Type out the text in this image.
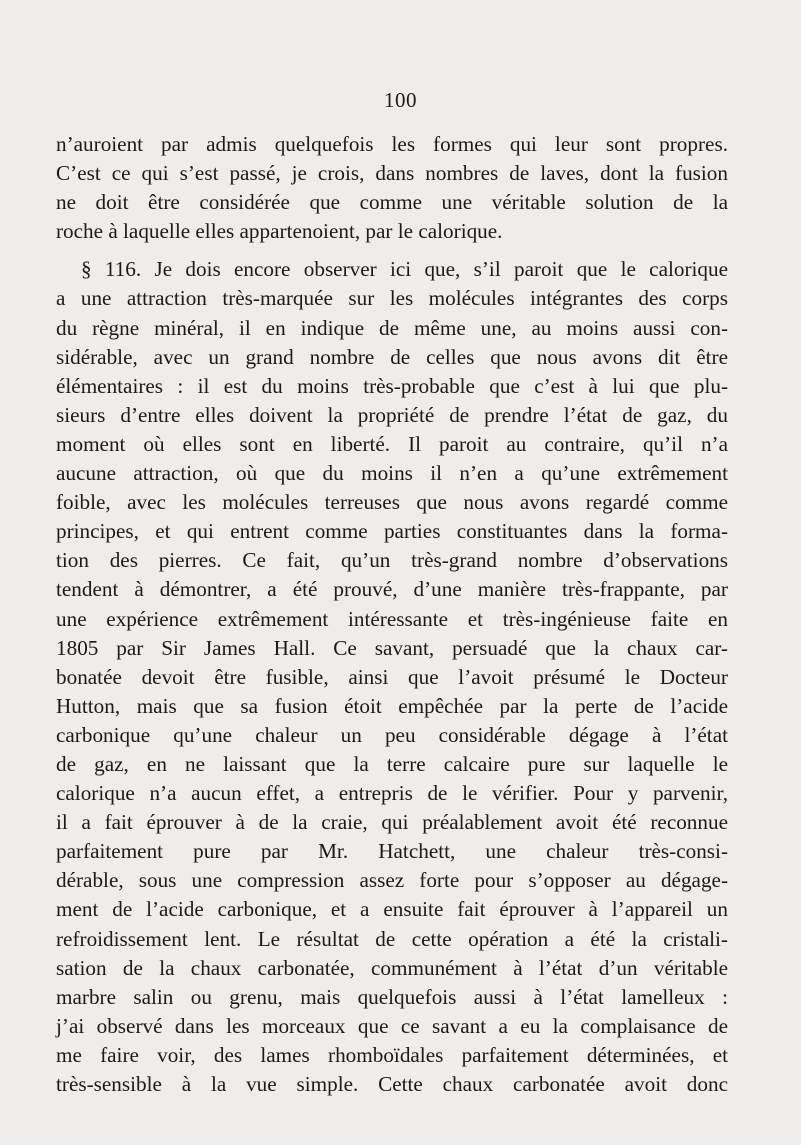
100
n’auroient par admis quelquefois les formes qui leur sont propres.
C’est ce qui s’est passé, je crois, dans nombres de laves, dont la fusion
ne doit être considérée que comme une véritable solution de la
roche à laquelle elles appartenoient, par le calorique.
§ 116. Je dois encore observer ici que, s’il paroit que le calorique
a une attraction très-marquée sur les molécules intégrantes des corps
du règne minéral, il en indique de même une, au moins aussi con-
sidérable, avec un grand nombre de celles que nous avons dit être
élémentaires : il est du moins très-probable que c’est à lui que plu-
sieurs d’entre elles doivent la propriété de prendre l’état de gaz, du
moment où elles sont en liberté. Il paroit au contraire, qu’il n’a
aucune attraction, où que du moins il n’en a qu’une extrêmement
foible, avec les molécules terreuses que nous avons regardé comme
principes, et qui entrent comme parties constituantes dans la forma-
tion des pierres. Ce fait, qu’un très-grand nombre d’observations
tendent à démontrer, a été prouvé, d’une manière très-frappante, par
une expérience extrêmement intéressante et très-ingénieuse faite en
1805 par Sir James Hall. Ce savant, persuadé que la chaux car-
bonatée devoit être fusible, ainsi que l’avoit présumé le Docteur
Hutton, mais que sa fusion étoit empêchée par la perte de l’acide
carbonique qu’une chaleur un peu considérable dégage à l’état
de gaz, en ne laissant que la terre calcaire pure sur laquelle le
calorique n’a aucun effet, a entrepris de le vérifier. Pour y parvenir,
il a fait éprouver à de la craie, qui préalablement avoit été reconnue
parfaitement pure par Mr. Hatchett, une chaleur très-consi-
dérable, sous une compression assez forte pour s’opposer au dégage-
ment de l’acide carbonique, et a ensuite fait éprouver à l’appareil un
refroidissement lent. Le résultat de cette opération a été la cristali-
sation de la chaux carbonatée, communément à l’état d’un véritable
marbre salin ou grenu, mais quelquefois aussi à l’état lamelleux :
j’ai observé dans les morceaux que ce savant a eu la complaisance de
me faire voir, des lames rhomboïdales parfaitement déterminées, et
très-sensible à la vue simple. Cette chaux carbonatée avoit donc
